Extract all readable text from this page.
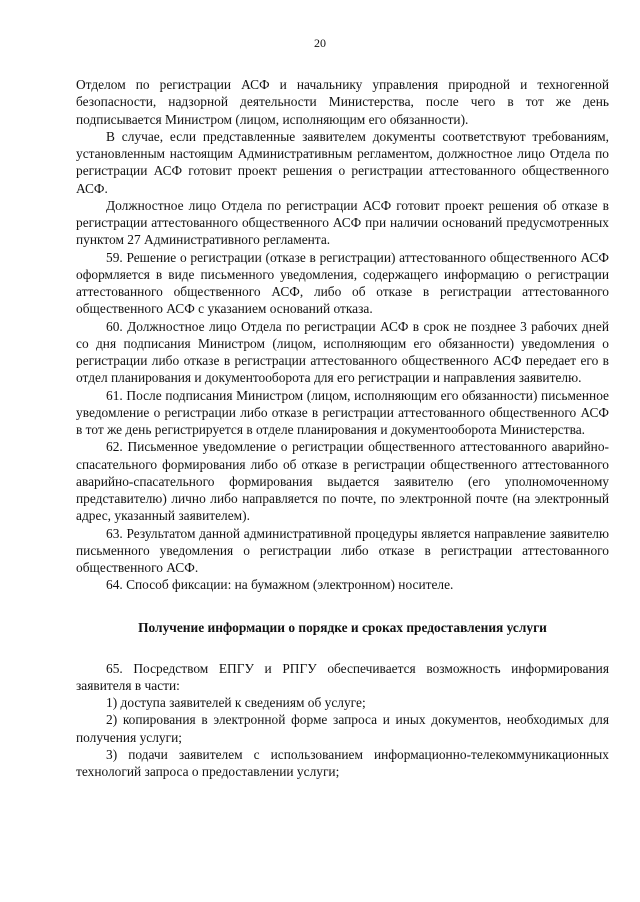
20

Отделом по регистрации АСФ и начальнику управления природной и техногенной безопасности, надзорной деятельности Министерства, после чего в тот же день подписывается Министром (лицом, исполняющим его обязанности).

В случае, если представленные заявителем документы соответствуют требованиям, установленным настоящим Административным регламентом, должностное лицо Отдела по регистрации АСФ готовит проект решения о регистрации аттестованного общественного АСФ.

Должностное лицо Отдела по регистрации АСФ готовит проект решения об отказе в регистрации аттестованного общественного АСФ при наличии оснований предусмотренных пунктом 27 Административного регламента.

59. Решение о регистрации (отказе в регистрации) аттестованного общественного АСФ оформляется в виде письменного уведомления, содержащего информацию о регистрации аттестованного общественного АСФ, либо об отказе в регистрации аттестованного общественного АСФ с указанием оснований отказа.

60. Должностное лицо Отдела по регистрации АСФ в срок не позднее 3 рабочих дней со дня подписания Министром (лицом, исполняющим его обязанности) уведомления о регистрации либо отказе в регистрации аттестованного общественного АСФ передает его в отдел планирования и документооборота для его регистрации и направления заявителю.

61. После подписания Министром (лицом, исполняющим его обязанности) письменное уведомление о регистрации либо отказе в регистрации аттестованного общественного АСФ в тот же день регистрируется в отделе планирования и документооборота Министерства.

62. Письменное уведомление о регистрации общественного аттестованного аварийно-спасательного формирования либо об отказе в регистрации общественного аттестованного аварийно-спасательного формирования выдается заявителю (его уполномоченному представителю) лично либо направляется по почте, по электронной почте (на электронный адрес, указанный заявителем).

63. Результатом данной административной процедуры является направление заявителю письменного уведомления о регистрации либо отказе в регистрации аттестованного общественного АСФ.

64. Способ фиксации: на бумажном (электронном) носителе.

Получение информации о порядке и сроках предоставления услуги

65. Посредством ЕПГУ и РПГУ обеспечивается возможность информирования заявителя в части:

1) доступа заявителей к сведениям об услуге;

2) копирования в электронной форме запроса и иных документов, необходимых для получения услуги;

3) подачи заявителем с использованием информационно-телекоммуникационных технологий запроса о предоставлении услуги;
